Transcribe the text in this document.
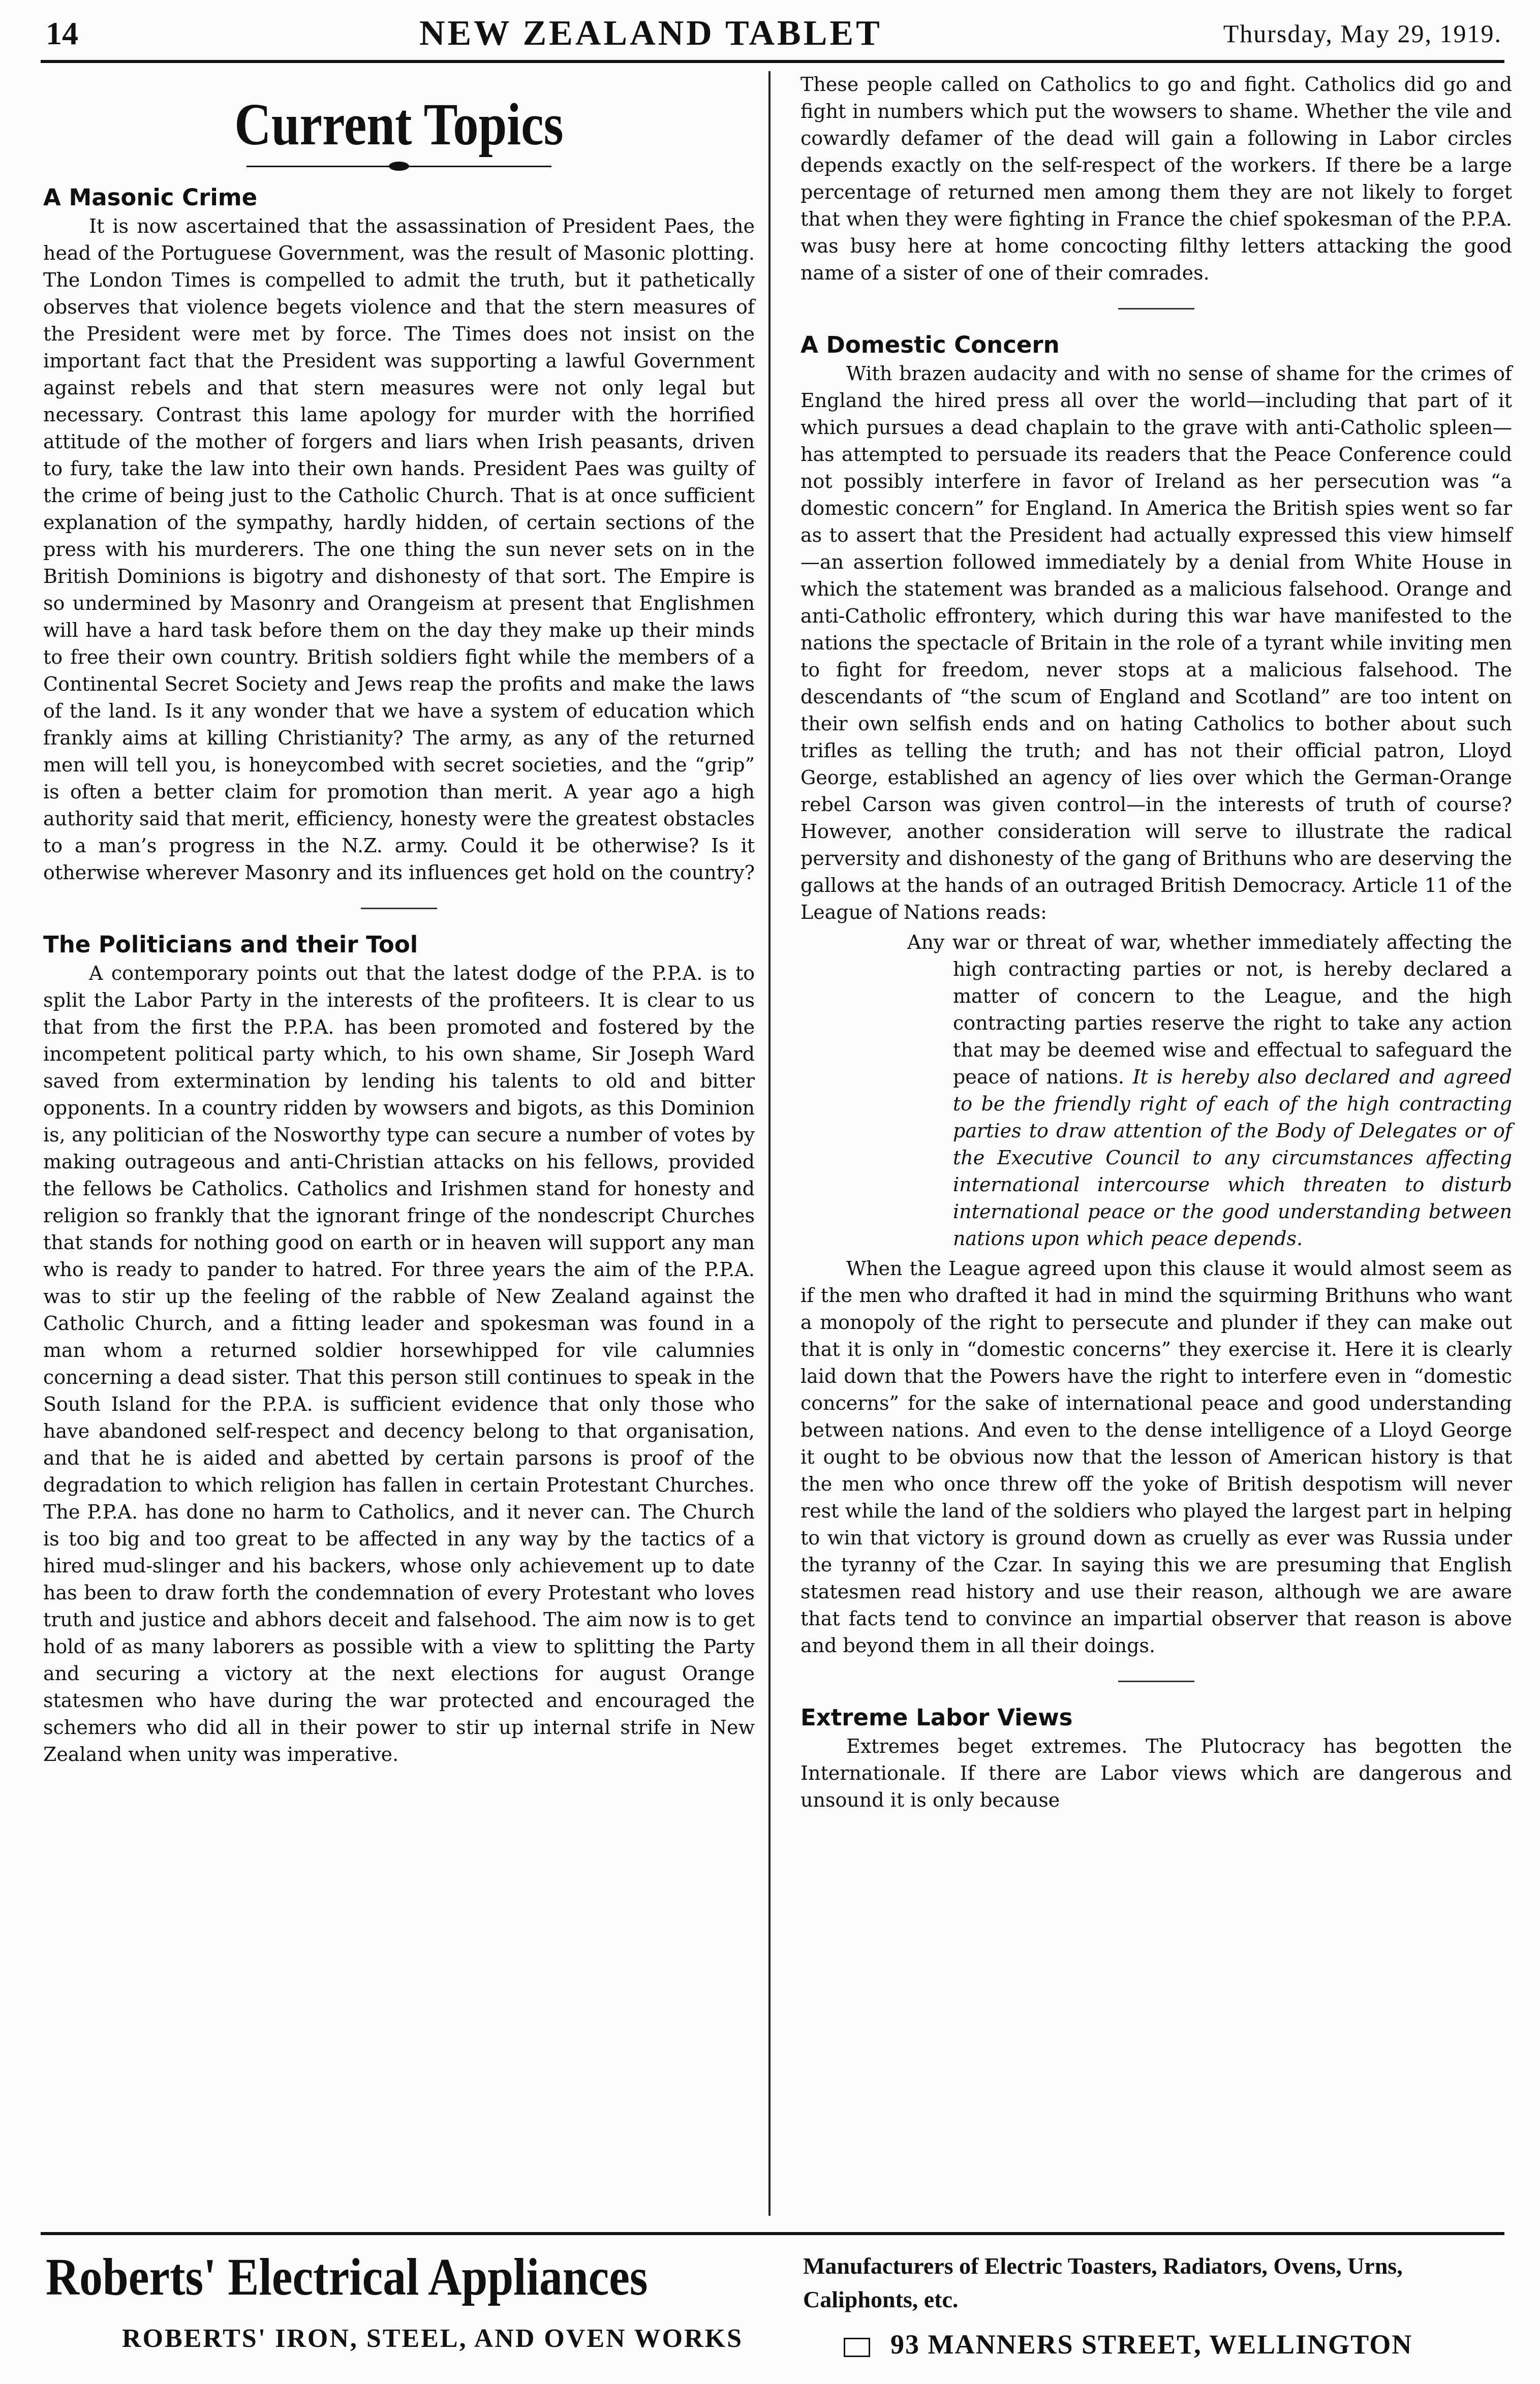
14	NEW ZEALAND TABLET	Thursday, May 29, 1919.
Current Topics
A Masonic Crime

It is now ascertained that the assassination of President Paes, the head of the Portuguese Government, was the result of Masonic plotting. The London Times is compelled to admit the truth, but it pathetically observes that violence begets violence and that the stern measures of the President were met by force. The Times does not insist on the important fact that the President was supporting a lawful Government against rebels and that stern measures were not only legal but necessary. Contrast this lame apology for murder with the horrified attitude of the mother of forgers and liars when Irish peasants, driven to fury, take the law into their own hands. President Paes was guilty of the crime of being just to the Catholic Church. That is at once sufficient explanation of the sympathy, hardly hidden, of certain sections of the press with his murderers. The one thing the sun never sets on in the British Dominions is bigotry and dishonesty of that sort. The Empire is so undermined by Masonry and Orangeism at present that Englishmen will have a hard task before them on the day they make up their minds to free their own country. British soldiers fight while the members of a Continental Secret Society and Jews reap the profits and make the laws of the land. Is it any wonder that we have a system of education which frankly aims at killing Christianity? The army, as any of the returned men will tell you, is honeycombed with secret societies, and the “grip” is often a better claim for promotion than merit. A year ago a high authority said that merit, efficiency, honesty were the greatest obstacles to a man’s progress in the N.Z. army. Could it be otherwise? Is it otherwise wherever Masonry and its influences get hold on the country?

The Politicians and their Tool

A contemporary points out that the latest dodge of the P.P.A. is to split the Labor Party in the interests of the profiteers. It is clear to us that from the first the P.P.A. has been promoted and fostered by the incompetent political party which, to his own shame, Sir Joseph Ward saved from extermination by lending his talents to old and bitter opponents. In a country ridden by wowsers and bigots, as this Dominion is, any politician of the Nosworthy type can secure a number of votes by making outrageous and anti-Christian attacks on his fellows, provided the fellows be Catholics. Catholics and Irishmen stand for honesty and religion so frankly that the ignorant fringe of the nondescript Churches that stands for nothing good on earth or in heaven will support any man who is ready to pander to hatred. For three years the aim of the P.P.A. was to stir up the feeling of the rabble of New Zealand against the Catholic Church, and a fitting leader and spokesman was found in a man whom a returned soldier horsewhipped for vile calumnies concerning a dead sister. That this person still continues to speak in the South Island for the P.P.A. is sufficient evidence that only those who have abandoned self-respect and decency belong to that organisation, and that he is aided and abetted by certain parsons is proof of the degradation to which religion has fallen in certain Protestant Churches. The P.P.A. has done no harm to Catholics, and it never can. The Church is too big and too great to be affected in any way by the tactics of a hired mud-slinger and his backers, whose only achievement up to date has been to draw forth the condemnation of every Protestant who loves truth and justice and abhors deceit and falsehood. The aim now is to get hold of as many laborers as possible with a view to splitting the Party and securing a victory at the next elections for august Orange statesmen who have during the war protected and encouraged the schemers who did all in their power to stir up internal strife in New Zealand when unity was imperative.

These people called on Catholics to go and fight. Catholics did go and fight in numbers which put the wowsers to shame. Whether the vile and cowardly defamer of the dead will gain a following in Labor circles depends exactly on the self-respect of the workers. If there be a large percentage of returned men among them they are not likely to forget that when they were fighting in France the chief spokesman of the P.P.A. was busy here at home concocting filthy letters attacking the good name of a sister of one of their comrades.

A Domestic Concern

With brazen audacity and with no sense of shame for the crimes of England the hired press all over the world—including that part of it which pursues a dead chaplain to the grave with anti-Catholic spleen—has attempted to persuade its readers that the Peace Conference could not possibly interfere in favor of Ireland as her persecution was “a domestic concern” for England. In America the British spies went so far as to assert that the President had actually expressed this view himself—an assertion followed immediately by a denial from White House in which the statement was branded as a malicious falsehood. Orange and anti-Catholic effrontery, which during this war have manifested to the nations the spectacle of Britain in the role of a tyrant while inviting men to fight for freedom, never stops at a malicious falsehood. The descendants of “the scum of England and Scotland” are too intent on their own selfish ends and on hating Catholics to bother about such trifles as telling the truth; and has not their official patron, Lloyd George, established an agency of lies over which the German-Orange rebel Carson was given control—in the interests of truth of course? However, another consideration will serve to illustrate the radical perversity and dishonesty of the gang of Brithuns who are deserving the gallows at the hands of an outraged British Democracy. Article 11 of the League of Nations reads:

Any war or threat of war, whether immediately affecting the high contracting parties or not, is hereby declared a matter of concern to the League, and the high contracting parties reserve the right to take any action that may be deemed wise and effectual to safeguard the peace of nations. It is hereby also declared and agreed to be the friendly right of each of the high contracting parties to draw attention of the Body of Delegates or of the Executive Council to any circumstances affecting international intercourse which threaten to disturb international peace or the good understanding between nations upon which peace depends.

When the League agreed upon this clause it would almost seem as if the men who drafted it had in mind the squirming Brithuns who want a monopoly of the right to persecute and plunder if they can make out that it is only in “domestic concerns” they exercise it. Here it is clearly laid down that the Powers have the right to interfere even in “domestic concerns” for the sake of international peace and good understanding between nations. And even to the dense intelligence of a Lloyd George it ought to be obvious now that the lesson of American history is that the men who once threw off the yoke of British despotism will never rest while the land of the soldiers who played the largest part in helping to win that victory is ground down as cruelly as ever was Russia under the tyranny of the Czar. In saying this we are presuming that English statesmen read history and use their reason, although we are aware that facts tend to convince an impartial observer that reason is above and beyond them in all their doings.

Extreme Labor Views

Extremes beget extremes. The Plutocracy has begotten the Internationale. If there are Labor views which are dangerous and unsound it is only because

Roberts' Electrical Appliances
ROBERTS' IRON, STEEL, AND OVEN WORKS
Manufacturers of Electric Toasters, Radiators, Ovens, Urns, Caliphonts, etc.
93 MANNERS STREET, WELLINGTON
